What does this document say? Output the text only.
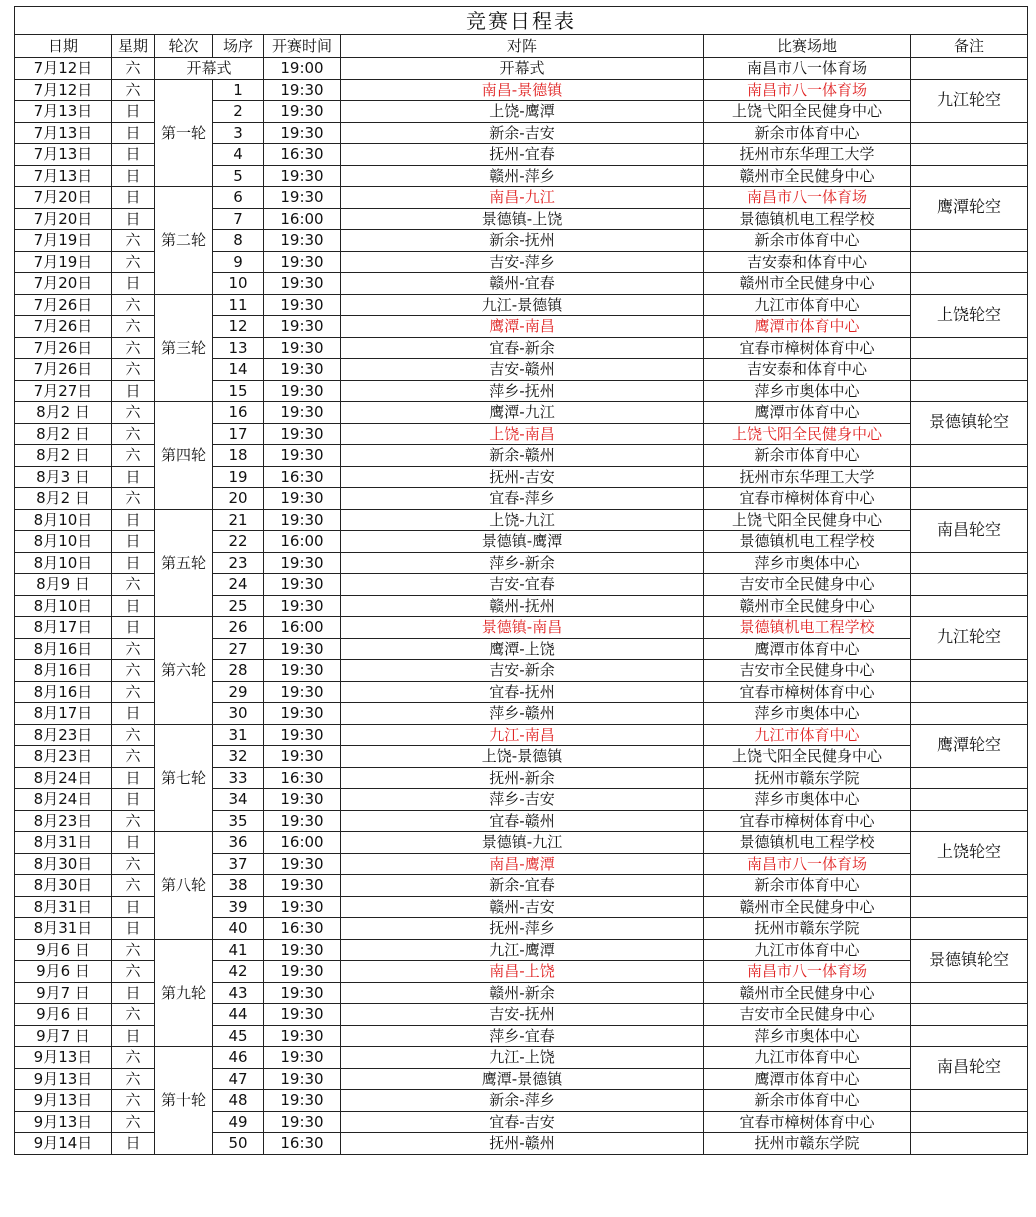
竞赛日程表							
日期	星期	轮次	场序	开赛时间	对阵	比赛场地	备注
7月12日	六	开幕式		19:00	开幕式	南昌市八一体育场	
7月12日	六	第一轮	1	19:30	南昌-景德镇	南昌市八一体育场	九江轮空
7月13日	日		2	19:30	上饶-鹰潭	上饶弋阳全民健身中心	
7月13日	日		3	19:30	新余-吉安	新余市体育中心	
7月13日	日		4	16:30	抚州-宜春	抚州市东华理工大学	
7月13日	日		5	19:30	赣州-萍乡	赣州市全民健身中心	
7月20日	日	第二轮	6	19:30	南昌-九江	南昌市八一体育场	鹰潭轮空
7月20日	日		7	16:00	景德镇-上饶	景德镇机电工程学校	
7月19日	六		8	19:30	新余-抚州	新余市体育中心	
7月19日	六		9	19:30	吉安-萍乡	吉安泰和体育中心	
7月20日	日		10	19:30	赣州-宜春	赣州市全民健身中心	
7月26日	六	第三轮	11	19:30	九江-景德镇	九江市体育中心	上饶轮空
7月26日	六		12	19:30	鹰潭-南昌	鹰潭市体育中心	
7月26日	六		13	19:30	宜春-新余	宜春市樟树体育中心	
7月26日	六		14	19:30	吉安-赣州	吉安泰和体育中心	
7月27日	日		15	19:30	萍乡-抚州	萍乡市奥体中心	
8月2 日	六	第四轮	16	19:30	鹰潭-九江	鹰潭市体育中心	景德镇轮空
8月2 日	六		17	19:30	上饶-南昌	上饶弋阳全民健身中心	
8月2 日	六		18	19:30	新余-赣州	新余市体育中心	
8月3 日	日		19	16:30	抚州-吉安	抚州市东华理工大学	
8月2 日	六		20	19:30	宜春-萍乡	宜春市樟树体育中心	
8月10日	日	第五轮	21	19:30	上饶-九江	上饶弋阳全民健身中心	南昌轮空
8月10日	日		22	16:00	景德镇-鹰潭	景德镇机电工程学校	
8月10日	日		23	19:30	萍乡-新余	萍乡市奥体中心	
8月9 日	六		24	19:30	吉安-宜春	吉安市全民健身中心	
8月10日	日		25	19:30	赣州-抚州	赣州市全民健身中心	
8月17日	日	第六轮	26	16:00	景德镇-南昌	景德镇机电工程学校	九江轮空
8月16日	六		27	19:30	鹰潭-上饶	鹰潭市体育中心	
8月16日	六		28	19:30	吉安-新余	吉安市全民健身中心	
8月16日	六		29	19:30	宜春-抚州	宜春市樟树体育中心	
8月17日	日		30	19:30	萍乡-赣州	萍乡市奥体中心	
8月23日	六	第七轮	31	19:30	九江-南昌	九江市体育中心	鹰潭轮空
8月23日	六		32	19:30	上饶-景德镇	上饶弋阳全民健身中心	
8月24日	日		33	16:30	抚州-新余	抚州市赣东学院	
8月24日	日		34	19:30	萍乡-吉安	萍乡市奥体中心	
8月23日	六		35	19:30	宜春-赣州	宜春市樟树体育中心	
8月31日	日	第八轮	36	16:00	景德镇-九江	景德镇机电工程学校	上饶轮空
8月30日	六		37	19:30	南昌-鹰潭	南昌市八一体育场	
8月30日	六		38	19:30	新余-宜春	新余市体育中心	
8月31日	日		39	19:30	赣州-吉安	赣州市全民健身中心	
8月31日	日		40	16:30	抚州-萍乡	抚州市赣东学院	
9月6 日	六	第九轮	41	19:30	九江-鹰潭	九江市体育中心	景德镇轮空
9月6 日	六		42	19:30	南昌-上饶	南昌市八一体育场	
9月7 日	日		43	19:30	赣州-新余	赣州市全民健身中心	
9月6 日	六		44	19:30	吉安-抚州	吉安市全民健身中心	
9月7 日	日		45	19:30	萍乡-宜春	萍乡市奥体中心	
9月13日	六	第十轮	46	19:30	九江-上饶	九江市体育中心	南昌轮空
9月13日	六		47	19:30	鹰潭-景德镇	鹰潭市体育中心	
9月13日	六		48	19:30	新余-萍乡	新余市体育中心	
9月13日	六		49	19:30	宜春-吉安	宜春市樟树体育中心	
9月14日	日		50	16:30	抚州-赣州	抚州市赣东学院	
